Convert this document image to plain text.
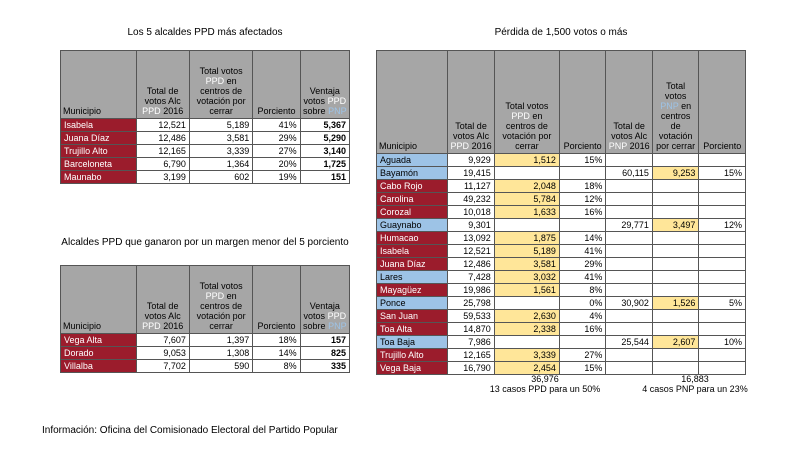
Los 5 alcaldes PPD más afectados
Municipio	Total de votos Alc PPD 2016	Total votos PPD en centros de votación por cerrar	Porciento	Ventaja votos PPD sobre PNP
Isabela	12,521	5,189	41%	5,367
Juana Díaz	12,486	3,581	29%	5,290
Trujillo Alto	12,165	3,339	27%	3,140
Barceloneta	6,790	1,364	20%	1,725
Maunabo	3,199	602	19%	151
Alcaldes PPD que ganaron por un margen menor del 5 porciento
Municipio	Total de votos Alc PPD 2016	Total votos PPD en centros de votación por cerrar	Porciento	Ventaja votos PPD sobre PNP
Vega Alta	7,607	1,397	18%	157
Dorado	9,053	1,308	14%	825
Villalba	7,702	590	8%	335
Pérdida de 1,500 votos o más
Municipio	Total de votos Alc PPD 2016	Total votos PPD en centros de votación por cerrar	Porciento	Total de votos Alc PNP 2016	Total votos PNP en centros de votación por cerrar	Porciento
Aguada	9,929	1,512	15%			
Bayamón	19,415			60,115	9,253	15%
Cabo Rojo	11,127	2,048	18%			
Carolina	49,232	5,784	12%			
Corozal	10,018	1,633	16%			
Guaynabo	9,301			29,771	3,497	12%
Humacao	13,092	1,875	14%			
Isabela	12,521	5,189	41%			
Juana Díaz	12,486	3,581	29%			
Lares	7,428	3,032	41%			
Mayagüez	19,986	1,561	8%			
Ponce	25,798		0%	30,902	1,526	5%
San Juan	59,533	2,630	4%			
Toa Alta	14,870	2,338	16%			
Toa Baja	7,986			25,544	2,607	10%
Trujillo Alto	12,165	3,339	27%			
Vega Baja	16,790	2,454	15%			
36,976
13 casos PPD para un 50%
16,883
4 casos PNP para un 23%
Información: Oficina del Comisionado Electoral del Partido Popular
